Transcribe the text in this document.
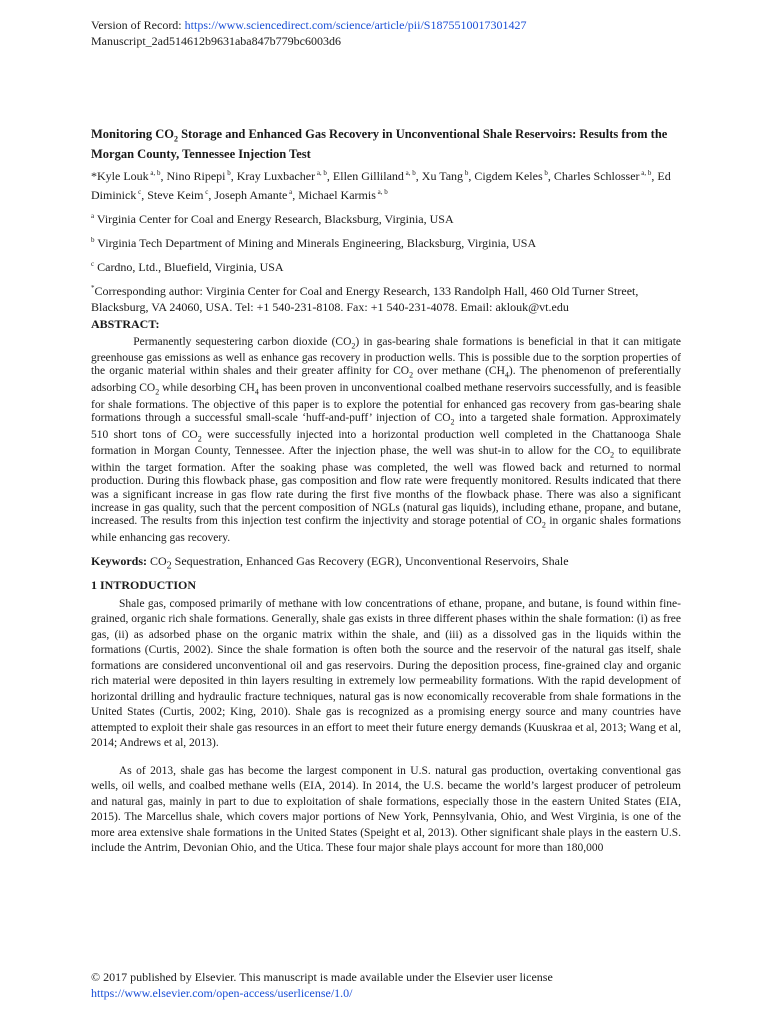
Version of Record: https://www.sciencedirect.com/science/article/pii/S1875510017301427
Manuscript_2ad514612b9631aba847b779bc6003d6
Monitoring $CO_2$ Storage and Enhanced Gas Recovery in Unconventional Shale Reservoirs: Results from the Morgan County, Tennessee Injection Test
*Kyle Louk $^{a, b}$, Nino Ripepi $^b$, Kray Luxbacher $^{a, b}$, Ellen Gilliland $^{a, b}$, Xu Tang $^b$, Cigdem Keles $^b$, Charles Schlosser $^{a, b}$, Ed Diminick $^c$, Steve Keim $^c$, Joseph Amante $^a$, Michael Karmis $^{a, b}$
$^a$ Virginia Center for Coal and Energy Research, Blacksburg, Virginia, USA
$^b$ Virginia Tech Department of Mining and Minerals Engineering, Blacksburg, Virginia, USA
$^c$ Cardno, Ltd., Bluefield, Virginia, USA
*Corresponding author: Virginia Center for Coal and Energy Research, 133 Randolph Hall, 460 Old Turner Street, Blacksburg, VA 24060, USA. Tel: +1 540-231-8108. Fax: +1 540-231-4078. Email: aklouk@vt.edu
ABSTRACT:

Permanently sequestering carbon dioxide $(CO_2)$ in gas-bearing shale formations is beneficial in that it can mitigate greenhouse gas emissions as well as enhance gas recovery in production wells. This is possible due to the sorption properties of the organic material within shales and their greater affinity for $CO_2$ over methane $(CH_4)$. The phenomenon of preferentially adsorbing $CO_2$ while desorbing $CH_4$ has been proven in unconventional coalbed methane reservoirs successfully, and is feasible for shale formations. The objective of this paper is to explore the potential for enhanced gas recovery from gas-bearing shale formations through a successful small-scale ‘huff-and-puff’ injection of $CO_2$ into a targeted shale formation. Approximately 510 short tons of $CO_2$ were successfully injected into a horizontal production well completed in the Chattanooga Shale formation in Morgan County, Tennessee. After the injection phase, the well was shut-in to allow for the $CO_2$ to equilibrate within the target formation. After the soaking phase was completed, the well was flowed back and returned to normal production. During this flowback phase, gas composition and flow rate were frequently monitored. Results indicated that there was a significant increase in gas flow rate during the first five months of the flowback phase. There was also a significant increase in gas quality, such that the percent composition of NGLs (natural gas liquids), including ethane, propane, and butane, increased. The results from this injection test confirm the injectivity and storage potential of $CO_2$ in organic shales formations while enhancing gas recovery.

Keywords: $CO_2$ Sequestration, Enhanced Gas Recovery (EGR), Unconventional Reservoirs, Shale
1 INTRODUCTION

Shale gas, composed primarily of methane with low concentrations of ethane, propane, and butane, is found within fine-grained, organic rich shale formations. Generally, shale gas exists in three different phases within the shale formation: (i) as free gas, (ii) as adsorbed phase on the organic matrix within the shale, and (iii) as a dissolved gas in the liquids within the formations (Curtis, 2002). Since the shale formation is often both the source and the reservoir of the natural gas itself, shale formations are considered unconventional oil and gas reservoirs. During the deposition process, fine-grained clay and organic rich material were deposited in thin layers resulting in extremely low permeability formations. With the rapid development of horizontal drilling and hydraulic fracture techniques, natural gas is now economically recoverable from shale formations in the United States (Curtis, 2002; King, 2010). Shale gas is recognized as a promising energy source and many countries have attempted to exploit their shale gas resources in an effort to meet their future energy demands (Kuuskraa et al, 2013; Wang et al, 2014; Andrews et al, 2013).

As of 2013, shale gas has become the largest component in U.S. natural gas production, overtaking conventional gas wells, oil wells, and coalbed methane wells (EIA, 2014). In 2014, the U.S. became the world’s largest producer of petroleum and natural gas, mainly in part to due to exploitation of shale formations, especially those in the eastern United States (EIA, 2015). The Marcellus shale, which covers major portions of New York, Pennsylvania, Ohio, and West Virginia, is one of the more area extensive shale formations in the United States (Speight et al, 2013). Other significant shale plays in the eastern U.S. include the Antrim, Devonian Ohio, and the Utica. These four major shale plays account for more than 180,000

© 2017 published by Elsevier. This manuscript is made available under the Elsevier user license
https://www.elsevier.com/open-access/userlicense/1.0/
